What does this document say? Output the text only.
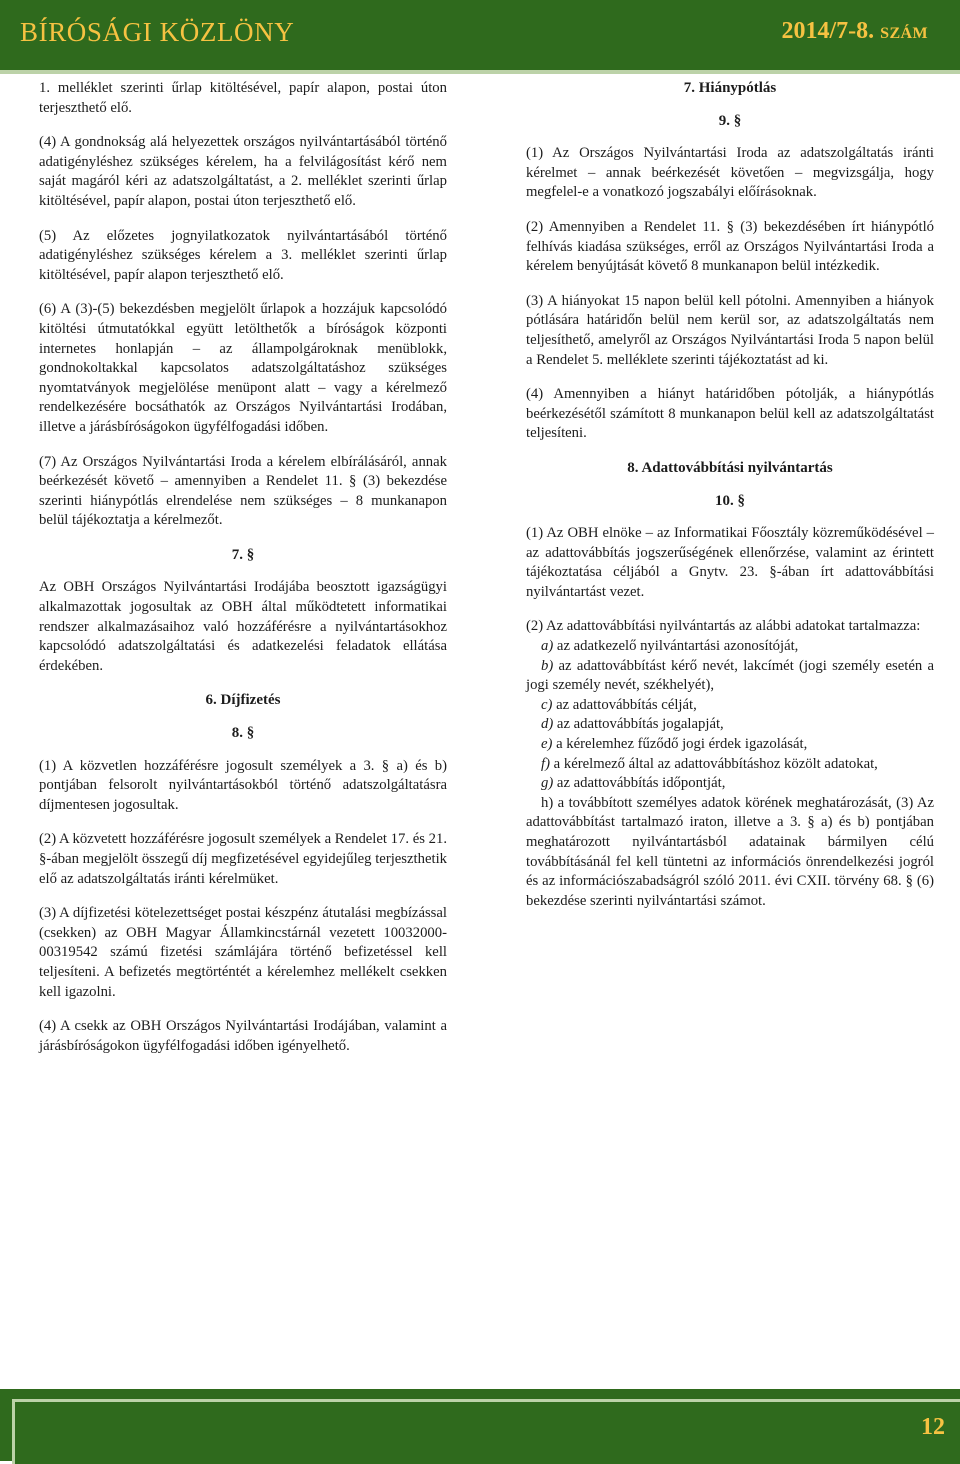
BÍRÓSÁGI KÖZLÖNY	2014/7-8. SZÁM

1. melléklet szerinti űrlap kitöltésével, papír alapon, postai úton terjeszthető elő.

(4) A gondnokság alá helyezettek országos nyilvántartásából történő adatigényléshez szükséges kérelem, ha a felvilágosítást kérő nem saját magáról kéri az adatszolgáltatást, a 2. melléklet szerinti űrlap kitöltésével, papír alapon, postai úton terjeszthető elő.

(5) Az előzetes jognyilatkozatok nyilvántartásából történő adatigényléshez szükséges kérelem a 3. melléklet szerinti űrlap kitöltésével, papír alapon terjeszthető elő.

(6) A (3)-(5) bekezdésben megjelölt űrlapok a hozzájuk kapcsolódó kitöltési útmutatókkal együtt letölthetők a bíróságok központi internetes honlapján – az állampolgároknak menüblokk, gondnokoltakkal kapcsolatos adatszolgáltatáshoz szükséges nyomtatványok megjelölése menüpont alatt – vagy a kérelmező rendelkezésére bocsáthatók az Országos Nyilvántartási Irodában, illetve a járásbíróságokon ügyfélfogadási időben.

(7) Az Országos Nyilvántartási Iroda a kérelem elbírálásáról, annak beérkezését követő – amennyiben a Rendelet 11. § (3) bekezdése szerinti hiánypótlás elrendelése nem szükséges – 8 munkanapon belül tájékoztatja a kérelmezőt.

7. §

Az OBH Országos Nyilvántartási Irodájába beosztott igazságügyi alkalmazottak jogosultak az OBH által működtetett informatikai rendszer alkalmazásaihoz való hozzáférésre a nyilvántartásokhoz kapcsolódó adatszolgáltatási és adatkezelési feladatok ellátása érdekében.

6. Díjfizetés
8. §

(1) A közvetlen hozzáférésre jogosult személyek a 3. § a) és b) pontjában felsorolt nyilvántartásokból történő adatszolgáltatásra díjmentesen jogosultak.

(2) A közvetett hozzáférésre jogosult személyek a Rendelet 17. és 21. §-ában megjelölt összegű díj megfizetésével egyidejűleg terjeszthetik elő az adatszolgáltatás iránti kérelmüket.

(3) A díjfizetési kötelezettséget postai készpénz átutalási megbízással (csekken) az OBH Magyar Államkincstárnál vezetett 10032000-00319542 számú fizetési számlájára történő befizetéssel kell teljesíteni. A befizetés megtörténtét a kérelemhez mellékelt csekken kell igazolni.

(4) A csekk az OBH Országos Nyilvántartási Irodájában, valamint a járásbíróságokon ügyfélfogadási időben igényelhető.

7. Hiánypótlás
9. §

(1) Az Országos Nyilvántartási Iroda az adatszolgáltatás iránti kérelmet – annak beérkezését követően – megvizsgálja, hogy megfelel-e a vonatkozó jogszabályi előírásoknak.

(2) Amennyiben a Rendelet 11. § (3) bekezdésében írt hiánypótló felhívás kiadása szükséges, erről az Országos Nyilvántartási Iroda a kérelem benyújtását követő 8 munkanapon belül intézkedik.

(3) A hiányokat 15 napon belül kell pótolni. Amennyiben a hiányok pótlására határidőn belül nem kerül sor, az adatszolgáltatás nem teljesíthető, amelyről az Országos Nyilvántartási Iroda 5 napon belül a Rendelet 5. melléklete szerinti tájékoztatást ad ki.

(4) Amennyiben a hiányt határidőben pótolják, a hiánypótlás beérkezésétől számított 8 munkanapon belül kell az adatszolgáltatást teljesíteni.

8. Adattovábbítási nyilvántartás
10. §

(1) Az OBH elnöke – az Informatikai Főosztály közreműködésével – az adattovábbítás jogszerűségének ellenőrzése, valamint az érintett tájékoztatása céljából a Gnytv. 23. §-ában írt adattovábbítási nyilvántartást vezet.

(2) Az adattovábbítási nyilvántartás az alábbi adatokat tartalmazza:

a) az adatkezelő nyilvántartási azonosítóját,
b) az adattovábbítást kérő nevét, lakcímét (jogi személy esetén a jogi személy nevét, székhelyét),
c) az adattovábbítás célját,
d) az adattovábbítás jogalapját,
e) a kérelemhez fűződő jogi érdek igazolását,
f) a kérelmező által az adattovábbításhoz közölt adatokat,
g) az adattovábbítás időpontját,
h) a továbbított személyes adatok körének meghatározását, (3) Az adattovábbítást tartalmazó iraton, illetve a 3. § a) és b) pontjában meghatározott nyilvántartásból adatainak bármilyen célú továbbításánál fel kell tüntetni az információs önrendelkezési jogról és az információszabadságról szóló 2011. évi CXII. törvény 68. § (6) bekezdése szerinti nyilvántartási számot.
12
